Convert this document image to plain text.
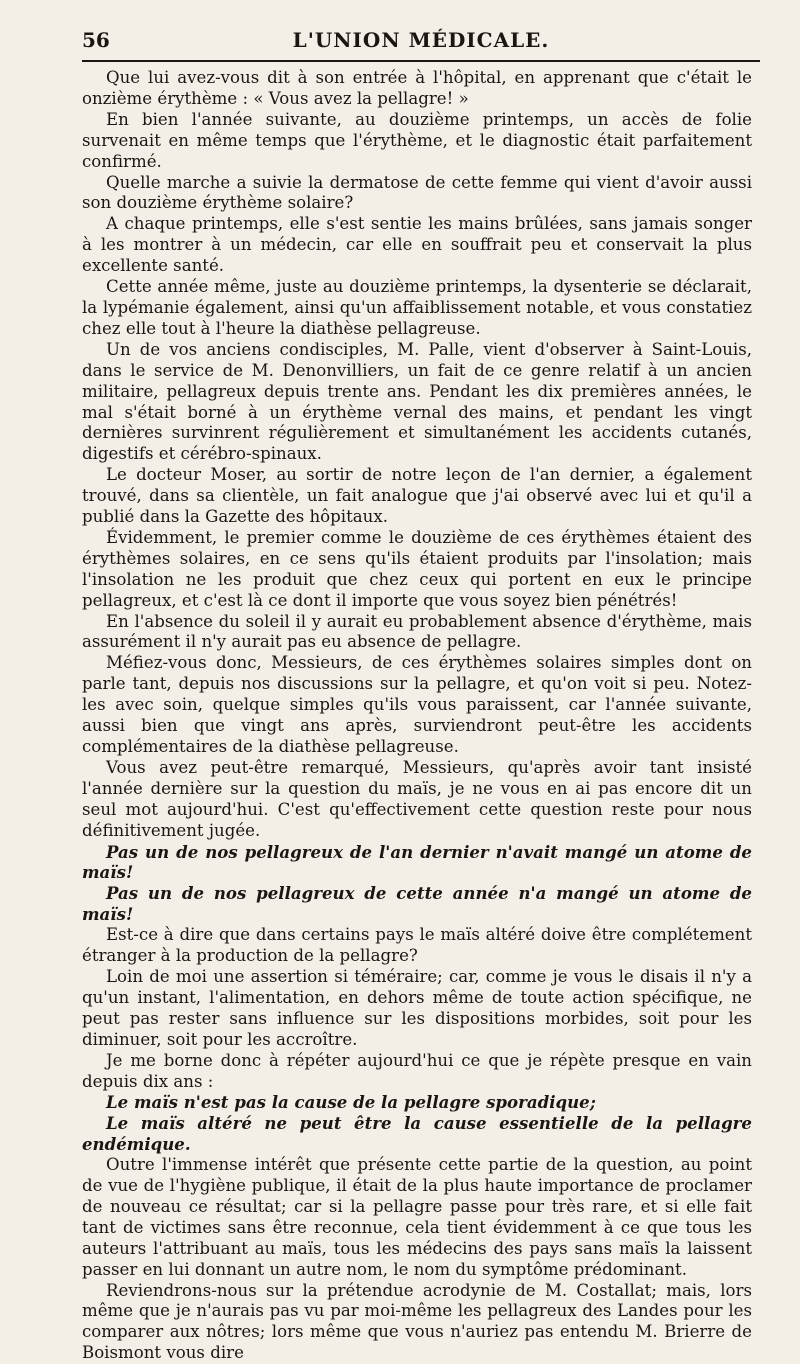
56	L'UNION MÉDICALE.

Que lui avez-vous dit à son entrée à l'hôpital, en apprenant que c'était le onzième érythème : « Vous avez la pellagre! »

En bien l'année suivante, au douzième printemps, un accès de folie survenait en même temps que l'érythème, et le diagnostic était parfaitement confirmé.

Quelle marche a suivie la dermatose de cette femme qui vient d'avoir aussi son douzième érythème solaire?

A chaque printemps, elle s'est sentie les mains brûlées, sans jamais songer à les montrer à un médecin, car elle en souffrait peu et conservait la plus excellente santé.

Cette année même, juste au douzième printemps, la dysenterie se déclarait, la lypémanie également, ainsi qu'un affaiblissement notable, et vous constatiez chez elle tout à l'heure la diathèse pellagreuse.

Un de vos anciens condisciples, M. Palle, vient d'observer à Saint-Louis, dans le service de M. Denonvilliers, un fait de ce genre relatif à un ancien militaire, pellagreux depuis trente ans. Pendant les dix premières années, le mal s'était borné à un érythème vernal des mains, et pendant les vingt dernières survinrent régulièrement et simultanément les accidents cutanés, digestifs et cérébro-spinaux.

Le docteur Moser, au sortir de notre leçon de l'an dernier, a également trouvé, dans sa clientèle, un fait analogue que j'ai observé avec lui et qu'il a publié dans la Gazette des hôpitaux.

Évidemment, le premier comme le douzième de ces érythèmes étaient des érythèmes solaires, en ce sens qu'ils étaient produits par l'insolation; mais l'insolation ne les produit que chez ceux qui portent en eux le principe pellagreux, et c'est là ce dont il importe que vous soyez bien pénétrés!

En l'absence du soleil il y aurait eu probablement absence d'érythème, mais assurément il n'y aurait pas eu absence de pellagre.

Méfiez-vous donc, Messieurs, de ces érythèmes solaires simples dont on parle tant, depuis nos discussions sur la pellagre, et qu'on voit si peu. Notez-les avec soin, quelque simples qu'ils vous paraissent, car l'année suivante, aussi bien que vingt ans après, surviendront peut-être les accidents complémentaires de la diathèse pellagreuse.

Vous avez peut-être remarqué, Messieurs, qu'après avoir tant insisté l'année dernière sur la question du maïs, je ne vous en ai pas encore dit un seul mot aujourd'hui. C'est qu'effectivement cette question reste pour nous définitivement jugée.

Pas un de nos pellagreux de l'an dernier n'avait mangé un atome de maïs!

Pas un de nos pellagreux de cette année n'a mangé un atome de maïs!

Est-ce à dire que dans certains pays le maïs altéré doive être complétement étranger à la production de la pellagre?

Loin de moi une assertion si téméraire; car, comme je vous le disais il n'y a qu'un instant, l'alimentation, en dehors même de toute action spécifique, ne peut pas rester sans influence sur les dispositions morbides, soit pour les diminuer, soit pour les accroître.

Je me borne donc à répéter aujourd'hui ce que je répète presque en vain depuis dix ans :

Le maïs n'est pas la cause de la pellagre sporadique;

Le maïs altéré ne peut être la cause essentielle de la pellagre endémique.

Outre l'immense intérêt que présente cette partie de la question, au point de vue de l'hygiène publique, il était de la plus haute importance de proclamer de nouveau ce résultat; car si la pellagre passe pour très rare, et si elle fait tant de victimes sans être reconnue, cela tient évidemment à ce que tous les auteurs l'attribuant au maïs, tous les médecins des pays sans maïs la laissent passer en lui donnant un autre nom, le nom du symptôme prédominant.

Reviendrons-nous sur la prétendue acrodynie de M. Costallat; mais, lors même que je n'aurais pas vu par moi-même les pellagreux des Landes pour les comparer aux nôtres; lors même que vous n'auriez pas entendu M. Brierre de Boismont vous dire
